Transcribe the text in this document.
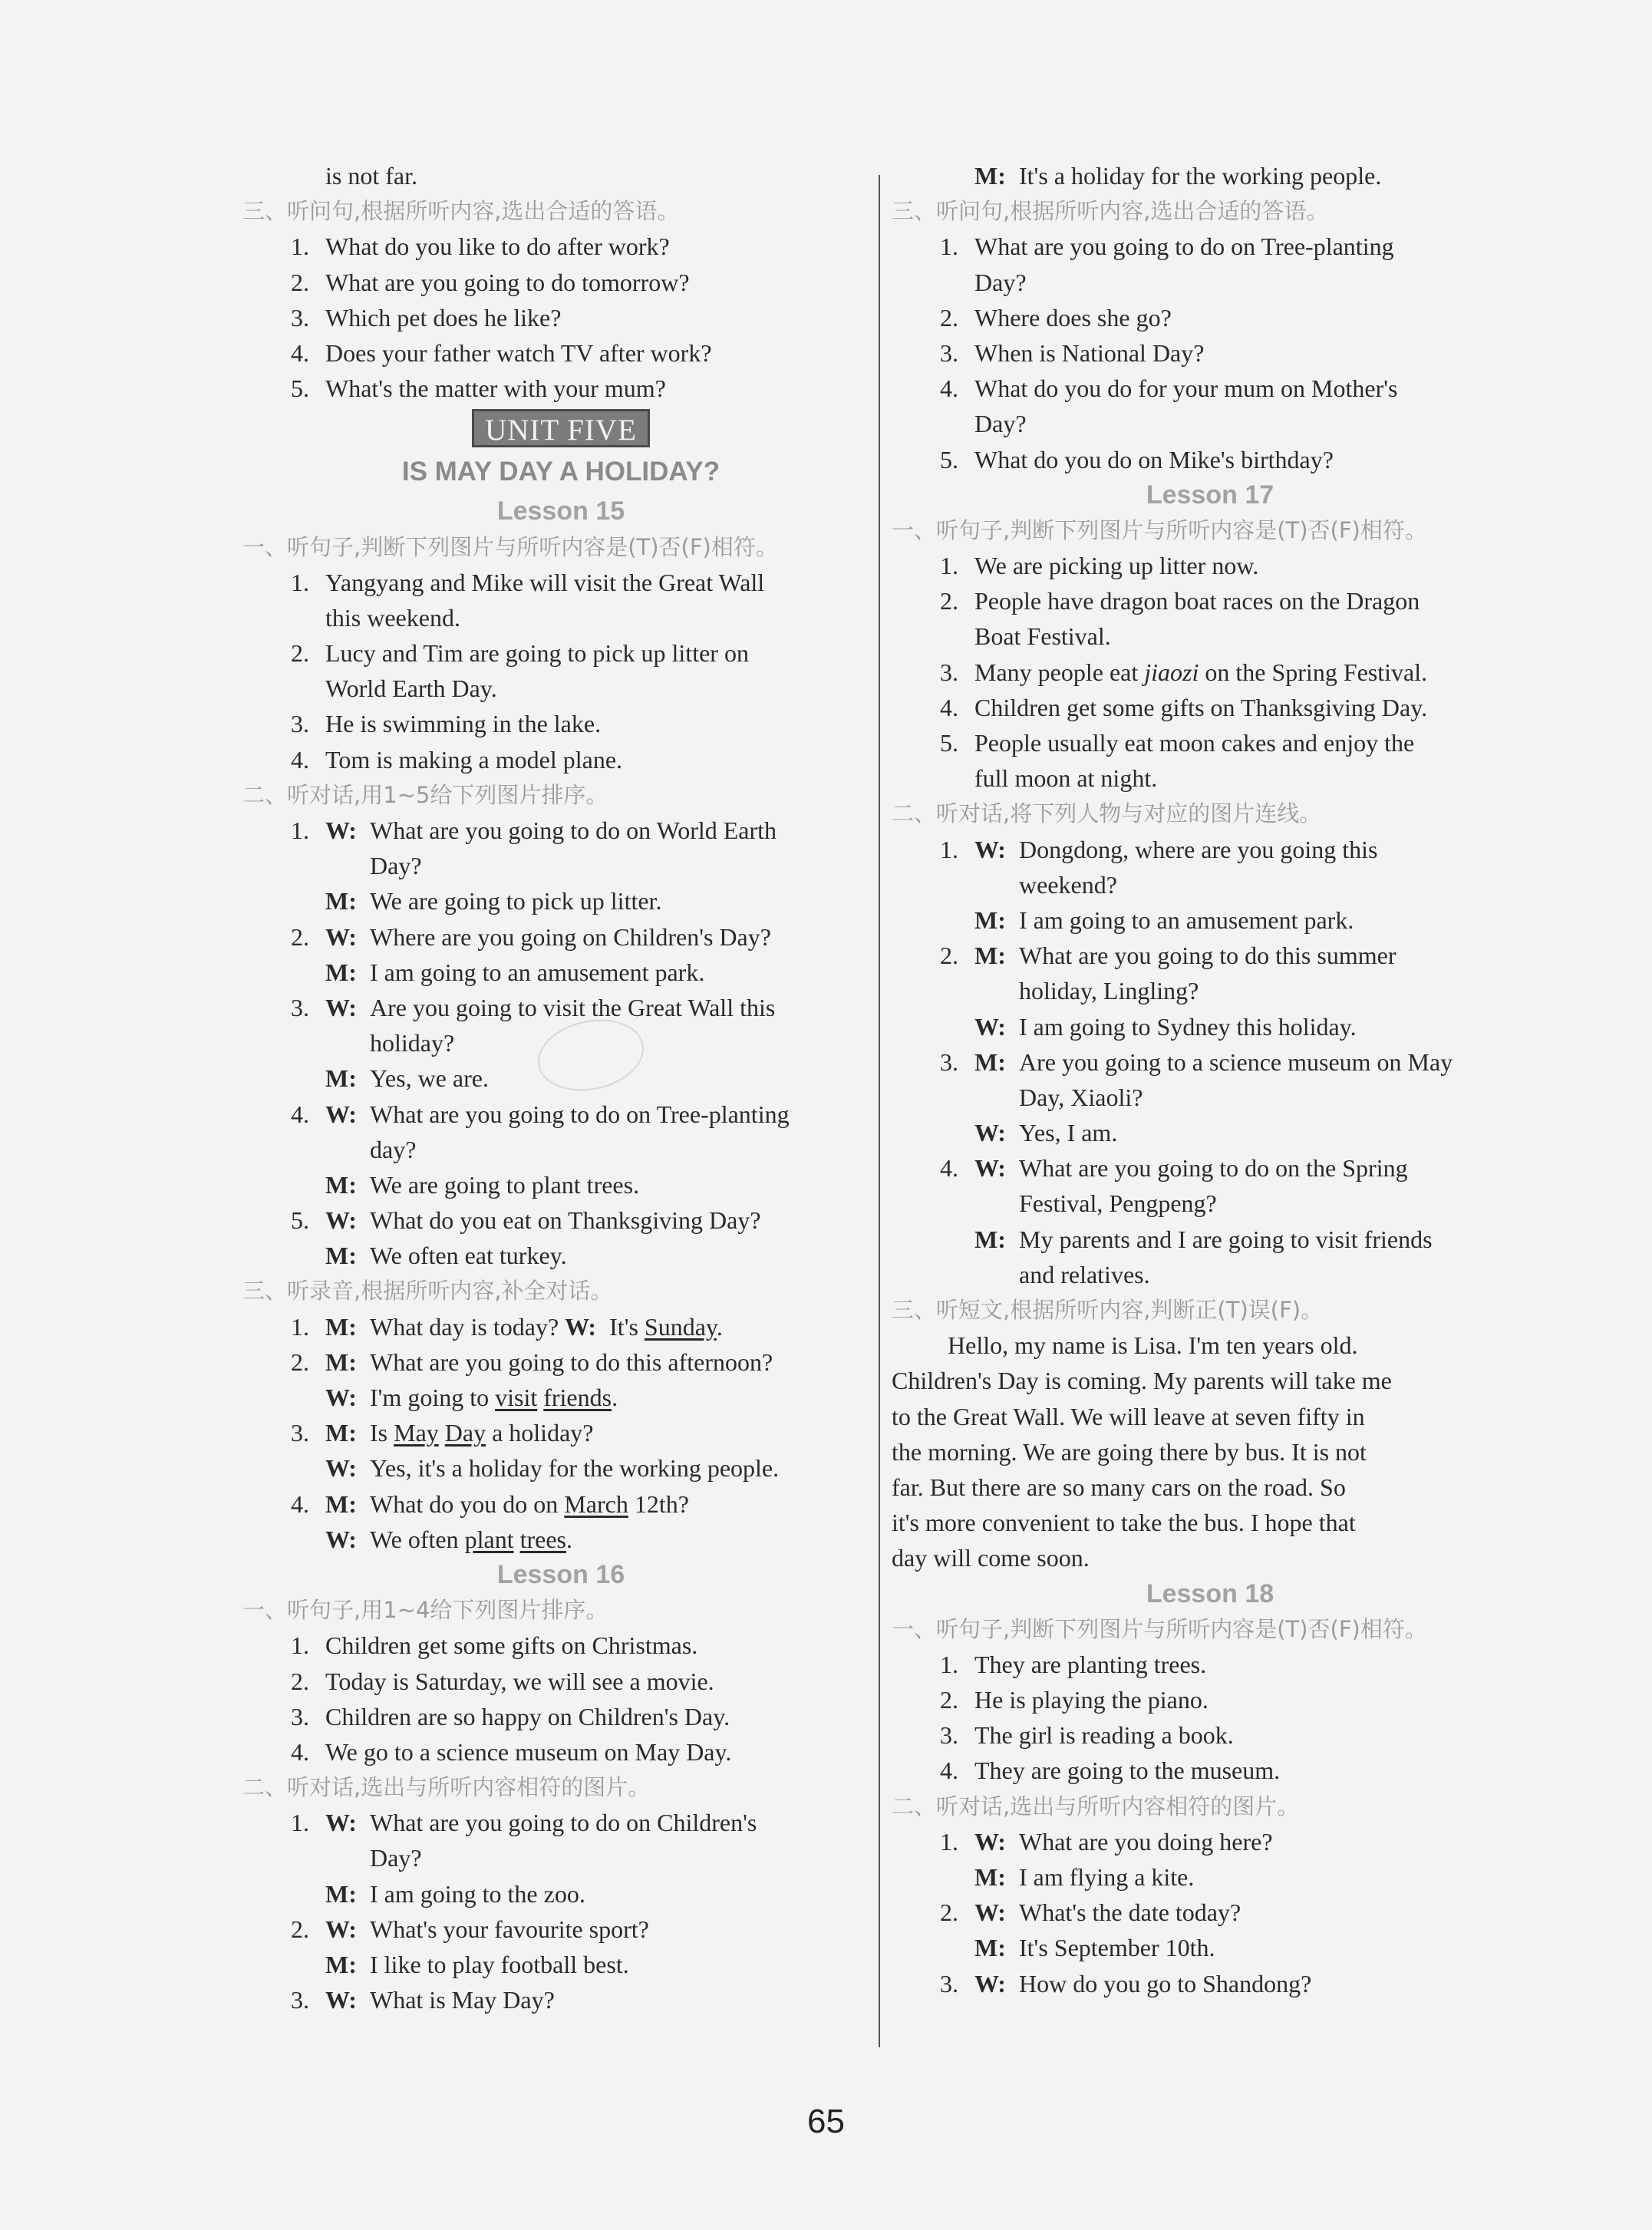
is not far.
三、听问句,根据所听内容,选出合适的答语。
1. What do you like to do after work?
2. What are you going to do tomorrow?
3. Which pet does he like?
4. Does your father watch TV after work?
5. What's the matter with your mum?
UNIT FIVE
IS MAY DAY A HOLIDAY?
Lesson 15
一、听句子,判断下列图片与所听内容是(T)否(F)相符。
1. Yangyang and Mike will visit the Great Wall
this weekend.
2. Lucy and Tim are going to pick up litter on
World Earth Day.
3. He is swimming in the lake.
4. Tom is making a model plane.
二、听对话,用1~5给下列图片排序。
1. W: What are you going to do on World Earth
Day?
M: We are going to pick up litter.
2. W: Where are you going on Children's Day?
M: I am going to an amusement park.
3. W: Are you going to visit the Great Wall this
holiday?
M: Yes, we are.
4. W: What are you going to do on Tree-planting
day?
M: We are going to plant trees.
5. W: What do you eat on Thanksgiving Day?
M: We often eat turkey.
三、听录音,根据所听内容,补全对话。
1. M: What day is today? W: It's Sunday.
2. M: What are you going to do this afternoon?
W: I'm going to visit friends.
3. M: Is May Day a holiday?
W: Yes, it's a holiday for the working people.
4. M: What do you do on March 12th?
W: We often plant trees.
Lesson 16
一、听句子,用1~4给下列图片排序。
1. Children get some gifts on Christmas.
2. Today is Saturday, we will see a movie.
3. Children are so happy on Children's Day.
4. We go to a science museum on May Day.
二、听对话,选出与所听内容相符的图片。
1. W: What are you going to do on Children's
Day?
M: I am going to the zoo.
2. W: What's your favourite sport?
M: I like to play football best.
3. W: What is May Day?
M: It's a holiday for the working people.
三、听问句,根据所听内容,选出合适的答语。
1. What are you going to do on Tree-planting
Day?
2. Where does she go?
3. When is National Day?
4. What do you do for your mum on Mother's
Day?
5. What do you do on Mike's birthday?
Lesson 17
一、听句子,判断下列图片与所听内容是(T)否(F)相符。
1. We are picking up litter now.
2. People have dragon boat races on the Dragon
Boat Festival.
3. Many people eat jiaozi on the Spring Festival.
4. Children get some gifts on Thanksgiving Day.
5. People usually eat moon cakes and enjoy the
full moon at night.
二、听对话,将下列人物与对应的图片连线。
1. W: Dongdong, where are you going this
weekend?
M: I am going to an amusement park.
2. M: What are you going to do this summer
holiday, Lingling?
W: I am going to Sydney this holiday.
3. M: Are you going to a science museum on May
Day, Xiaoli?
W: Yes, I am.
4. W: What are you going to do on the Spring
Festival, Pengpeng?
M: My parents and I are going to visit friends
and relatives.
三、听短文,根据所听内容,判断正(T)误(F)。
Hello, my name is Lisa. I'm ten years old.
Children's Day is coming. My parents will take me
to the Great Wall. We will leave at seven fifty in
the morning. We are going there by bus. It is not
far. But there are so many cars on the road. So
it's more convenient to take the bus. I hope that
day will come soon.
Lesson 18
一、听句子,判断下列图片与所听内容是(T)否(F)相符。
1. They are planting trees.
2. He is playing the piano.
3. The girl is reading a book.
4. They are going to the museum.
二、听对话,选出与所听内容相符的图片。
1. W: What are you doing here?
M: I am flying a kite.
2. W: What's the date today?
M: It's September 10th.
3. W: How do you go to Shandong?
65
